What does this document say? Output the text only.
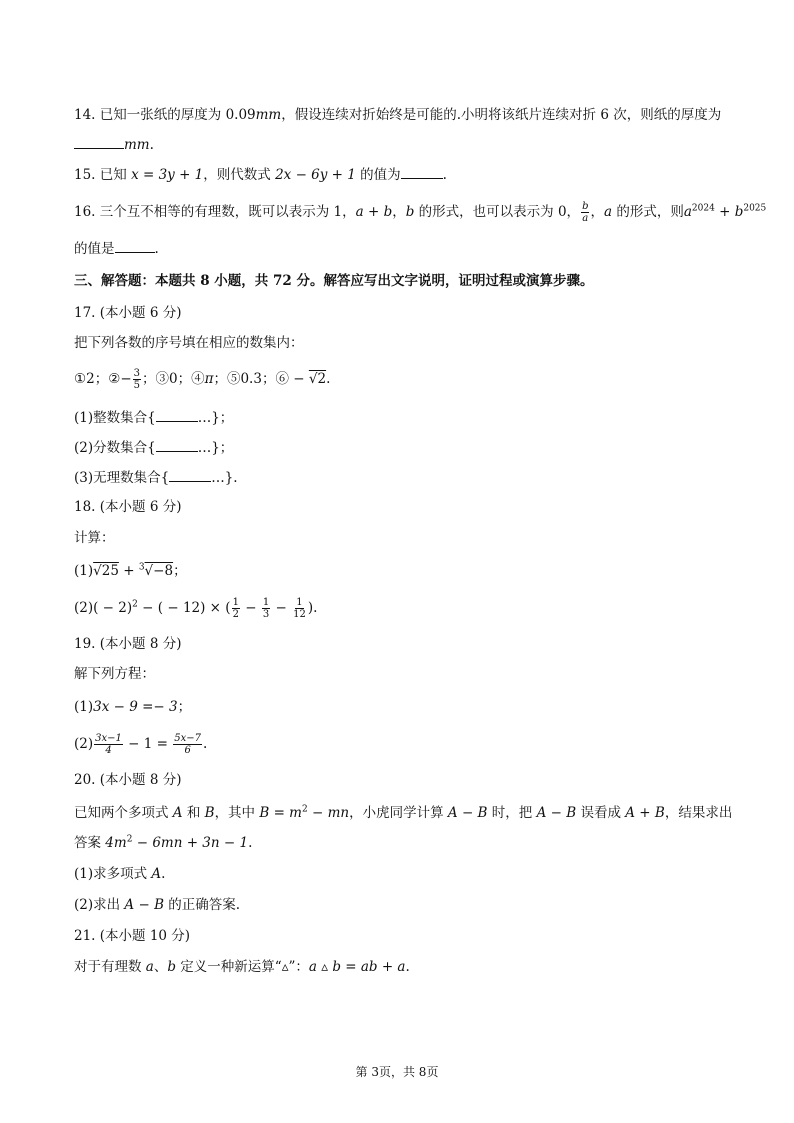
14. 已知一张纸的厚度为 0.09mm，假设连续对折始终是可能的.小明将该纸片连续对折 6 次，则纸的厚度为
mm.
15. 已知 x = 3y + 1，则代数式 2x − 6y + 1 的值为	.
16. 三个互不相等的有理数，既可以表示为 1，a + b，b 的形式，也可以表示为 0， $\frac{b}{a}$ ，a 的形式，则$a^{2024} + b^{2025}$
的值是	.
三、解答题：本题共 8 小题，共 72 分。解答应写出文字说明，证明过程或演算步骤。
17. (本小题 6 分)
把下列各数的序号填在相应的数集内：
①2；②− $\frac{3}{5}$ ；③0；④π；⑤0.3；⑥ − √2.
(1)整数集合{	…}；
(2)分数集合{	…}；
(3)无理数集合{	…}.
18. (本小题 6 分)
计算：
(1)√25 + $^3$√−8；
$(2)( - 2)^2$ − ( − 12) × ( $\frac{1}{2} - \frac{1}{3} - \frac{1}{12}$ ).
19. (本小题 8 分)
解下列方程：
(1)3x − 9 =− 3；
$(2) \frac{3x-1}{4} - 1 = \frac{5x-7}{6}$ .
20. (本小题 8 分)
已知两个多项式 A 和 B，其中 $B = m^2$ − mn，小虎同学计算 A − B 时，把 A − B 误看成 A + B，结果求出
答案 $4m^2 - 6mn + 3n - 1$.
(1)求多项式 A.
(2)求出 A − B 的正确答案.
21. (本小题 10 分)
对于有理数 a、b 定义一种新运算“▵”：a ▵ b = ab + a.
第 3页，共 8页
